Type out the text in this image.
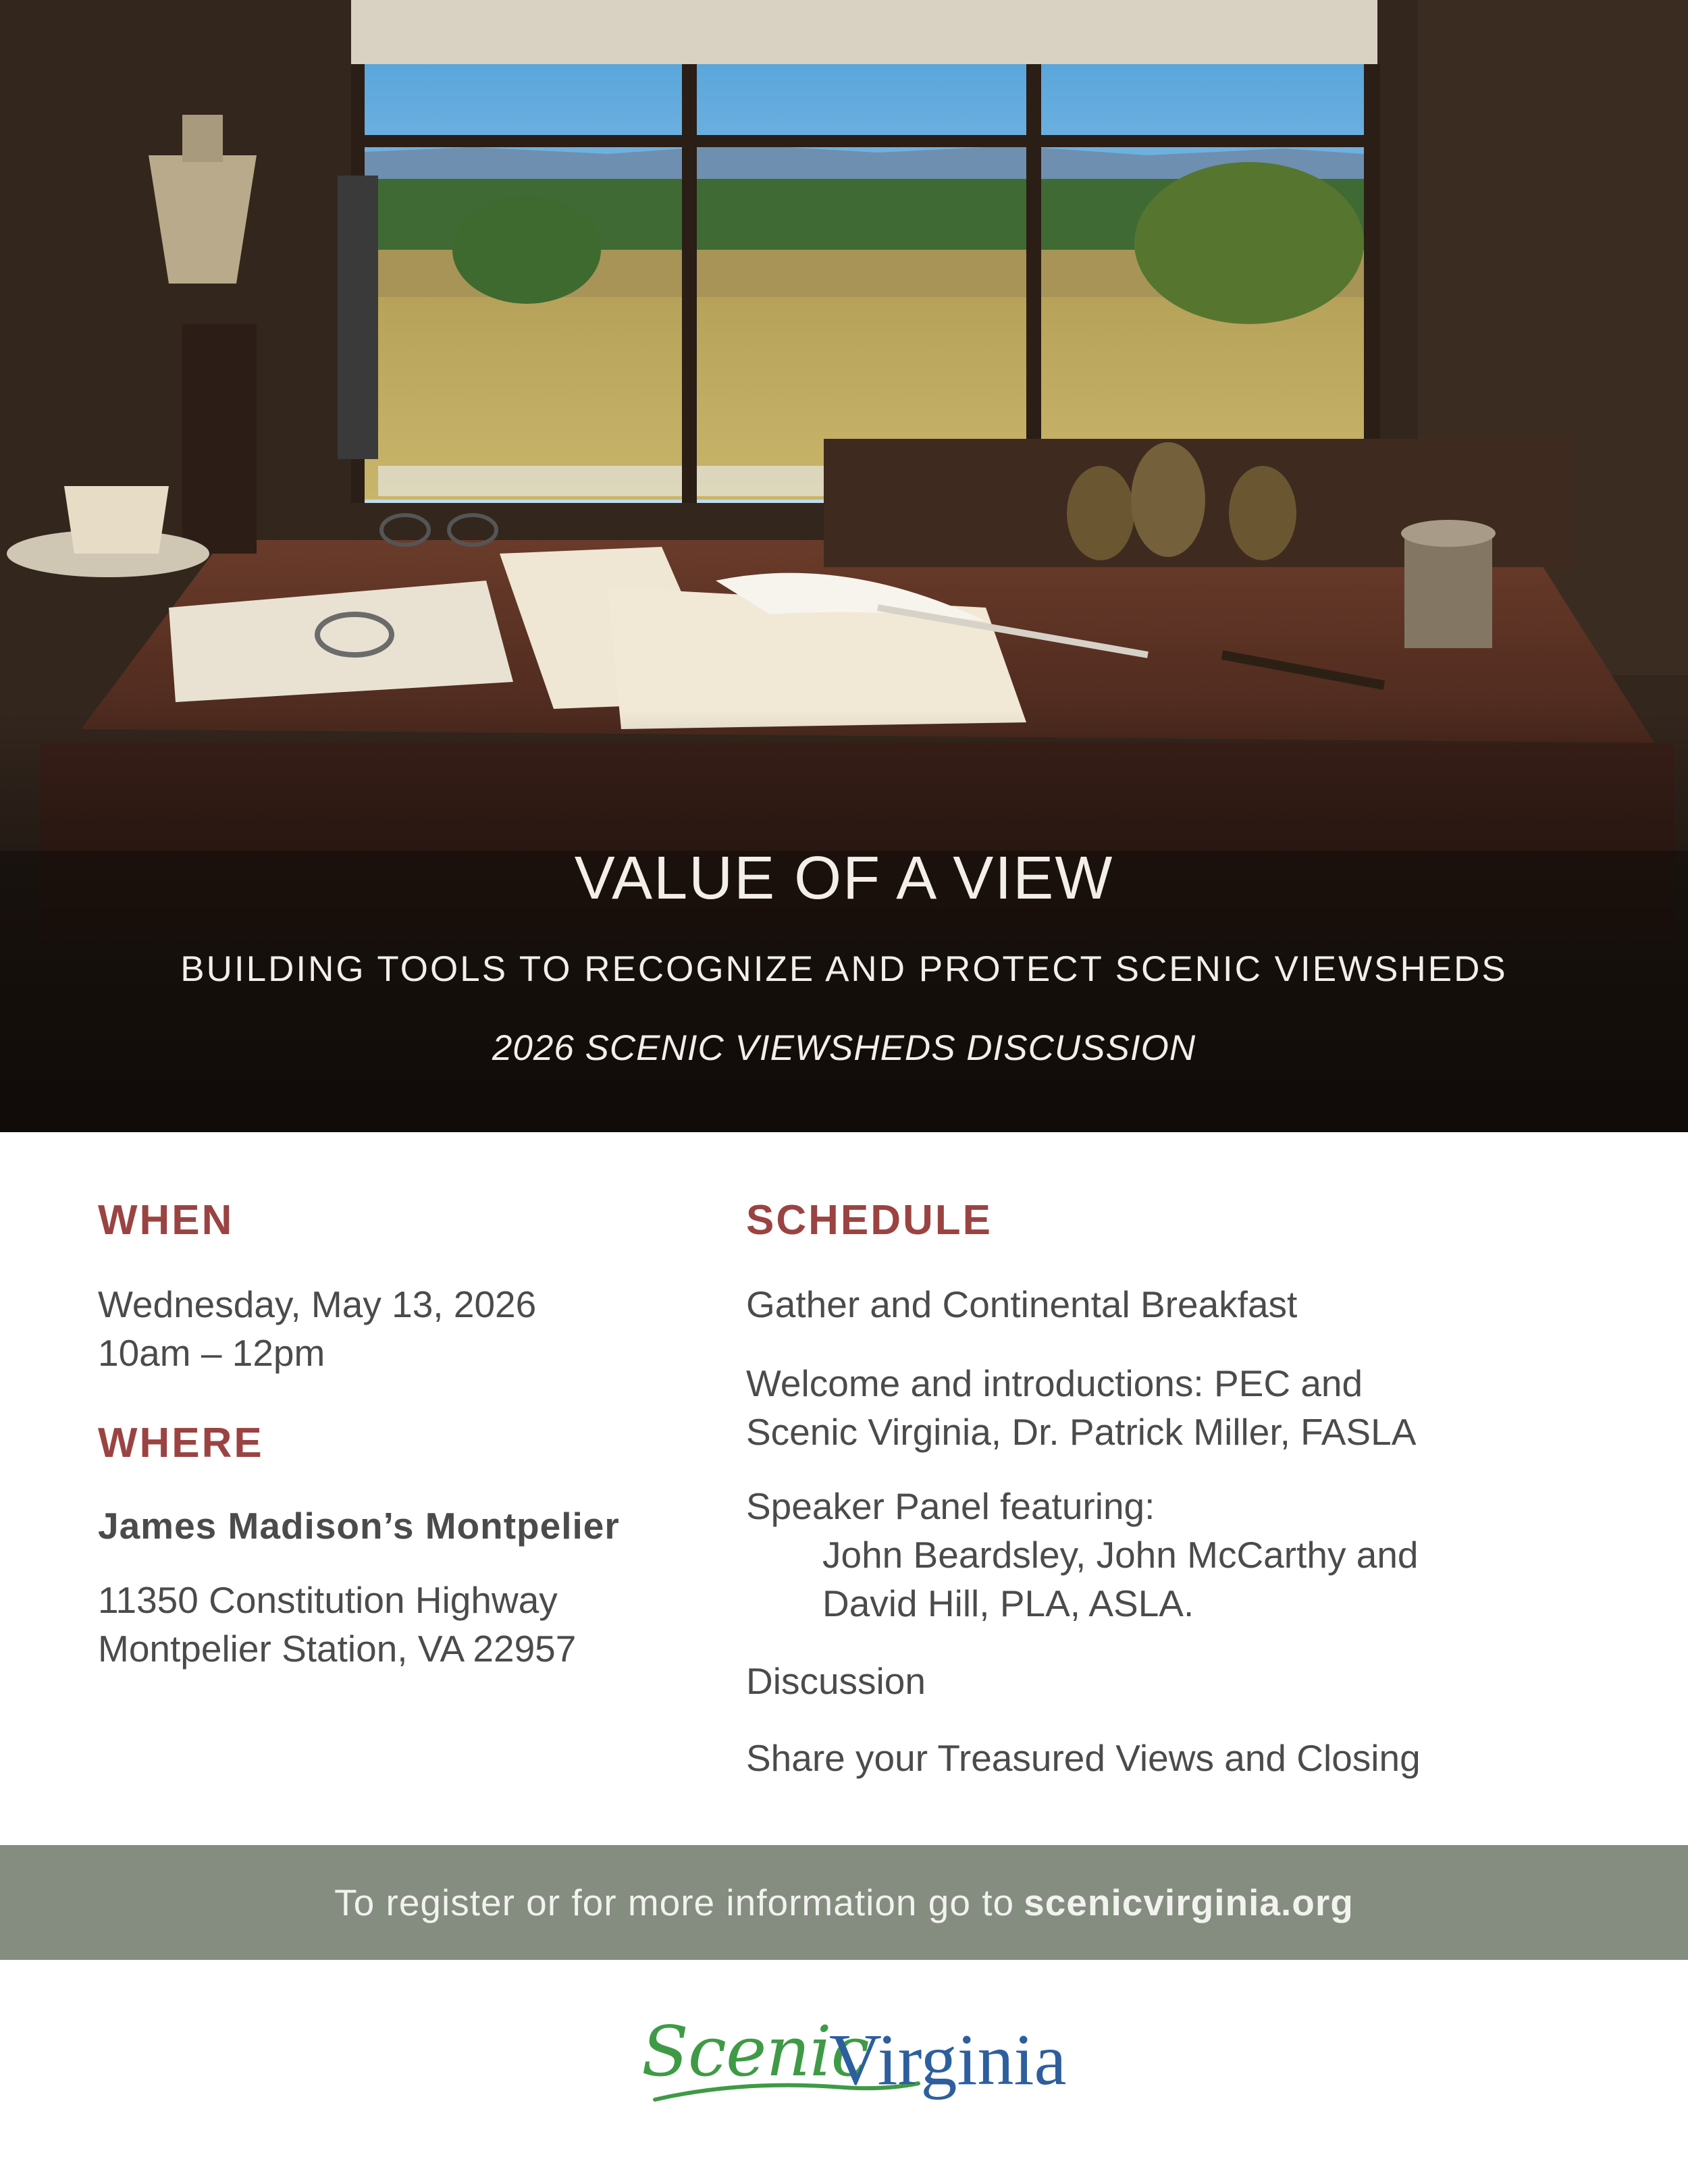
VALUE OF A VIEW
BUILDING TOOLS TO RECOGNIZE AND PROTECT SCENIC VIEWSHEDS
2026 SCENIC VIEWSHEDS DISCUSSION
WHEN
Wednesday, May 13, 2026
10am – 12pm
WHERE
James Madison’s Montpelier
11350 Constitution Highway
Montpelier Station, VA 22957
SCHEDULE
Gather and Continental Breakfast
Welcome and introductions: PEC and
Scenic Virginia, Dr. Patrick Miller, FASLA
Speaker Panel featuring:
John Beardsley, John McCarthy and
David Hill, PLA, ASLA.
Discussion
Share your Treasured Views and Closing
To register or for more information go to scenicvirginia.org
Scenic
Virginia
